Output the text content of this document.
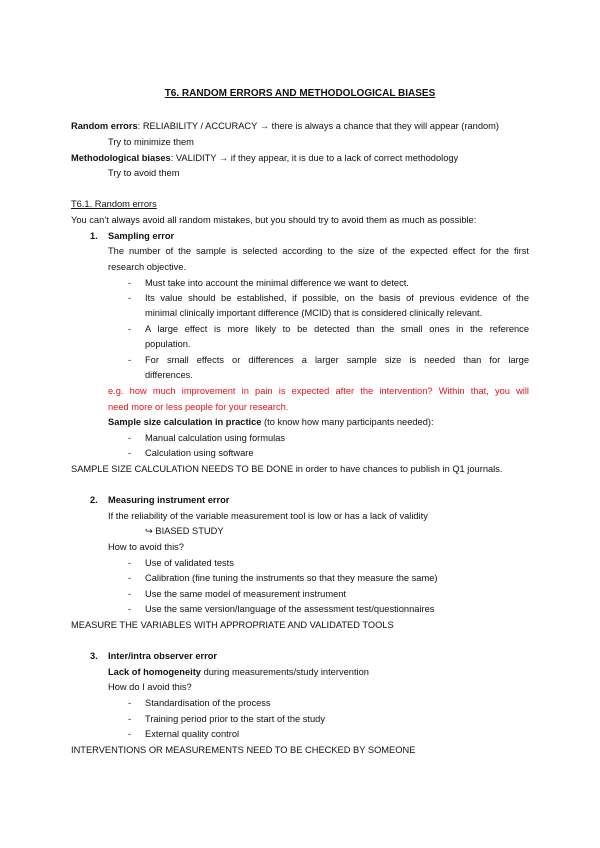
T6. RANDOM ERRORS AND METHODOLOGICAL BIASES
Random errors: RELIABILITY / ACCURACY → there is always a chance that they will appear (random)
Try to minimize them
Methodological biases: VALIDITY → if they appear, it is due to a lack of correct methodology
Try to avoid them
T6.1. Random errors
You can’t always avoid all random mistakes, but you should try to avoid them as much as possible:
1. Sampling error
The number of the sample is selected according to the size of the expected effect for the first
research objective.
- Must take into account the minimal difference we want to detect.
- Its value should be established, if possible, on the basis of previous evidence of the
minimal clinically important difference (MCID) that is considered clinically relevant.
- A large effect is more likely to be detected than the small ones in the reference
population.
- For small effects or differences a larger sample size is needed than for large
differences.
e.g. how much improvement in pain is expected after the intervention? Within that, you will
need more or less people for your research.
Sample size calculation in practice (to know how many participants needed):
- Manual calculation using formulas
- Calculation using software
SAMPLE SIZE CALCULATION NEEDS TO BE DONE in order to have chances to publish in Q1 journals.
2. Measuring instrument error
If the reliability of the variable measurement tool is low or has a lack of validity
↪ BIASED STUDY
How to avoid this?
- Use of validated tests
- Calibration (fine tuning the instruments so that they measure the same)
- Use the same model of measurement instrument
- Use the same version/language of the assessment test/questionnaires
MEASURE THE VARIABLES WITH APPROPRIATE AND VALIDATED TOOLS
3. Inter/intra observer error
Lack of homogeneity during measurements/study intervention
How do I avoid this?
- Standardisation of the process
- Training period prior to the start of the study
- External quality control
INTERVENTIONS OR MEASUREMENTS NEED TO BE CHECKED BY SOMEONE
